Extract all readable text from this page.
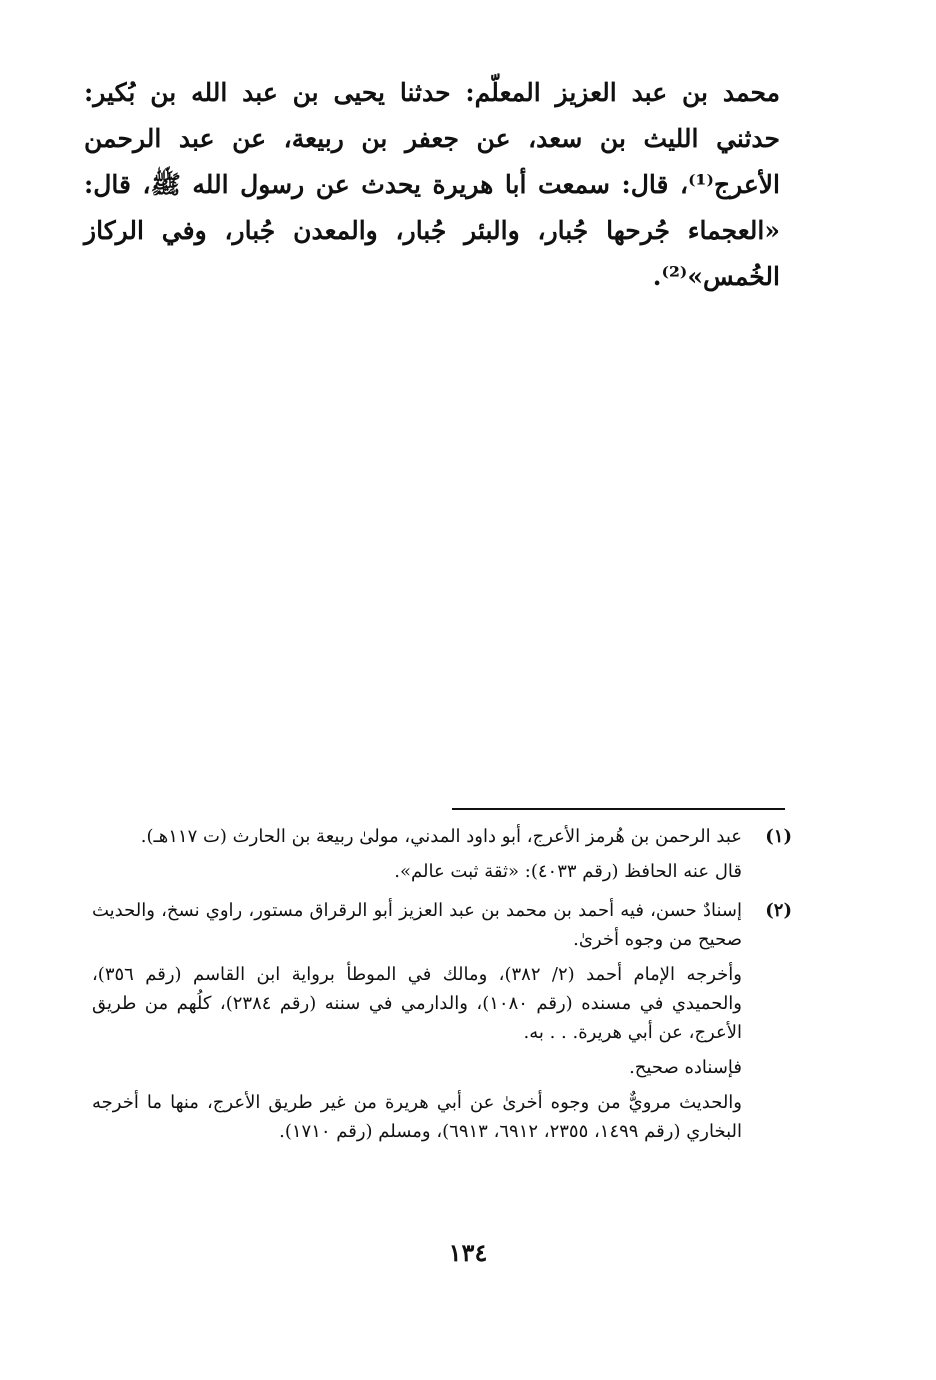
محمد بن عبد العزيز المعلّم: حدثنا يحيى بن عبد الله بن بُكير: حدثني الليث بن سعد، عن جعفر بن ربيعة، عن عبد الرحمن الأعرج⁽¹⁾، قال: سمعت أبا هريرة يحدث عن رسول الله ﷺ، قال: «العجماء جُرحها جُبار، والبئر جُبار، والمعدن جُبار، وفي الركاز الخُمس»⁽²⁾.

(١)

عبد الرحمن بن هُرمز الأعرج، أبو داود المدني، مولىٰ ربيعة بن الحارث (ت ١١٧هـ).

قال عنه الحافظ (رقم ٤٠٣٣): «ثقة ثبت عالم».

(٢)

إسنادٌ حسن، فيه أحمد بن محمد بن عبد العزيز أبو الرقراق مستور، راوي نسخ، والحديث صحيح من وجوه أخرىٰ.

وأخرجه الإمام أحمد (٢/ ٣٨٢)، ومالك في الموطأ برواية ابن القاسم (رقم ٣٥٦)، والحميدي في مسنده (رقم ١٠٨٠)، والدارمي في سننه (رقم ٢٣٨٤)، كلُهم من طريق الأعرج، عن أبي هريرة. . . به.

فإسناده صحيح.

والحديث مرويٌّ من وجوه أخرىٰ عن أبي هريرة من غير طريق الأعرج، منها ما أخرجه البخاري (رقم ١٤٩٩، ٢٣٥٥، ٦٩١٢، ٦٩١٣)، ومسلم (رقم ١٧١٠).

١٣٤
